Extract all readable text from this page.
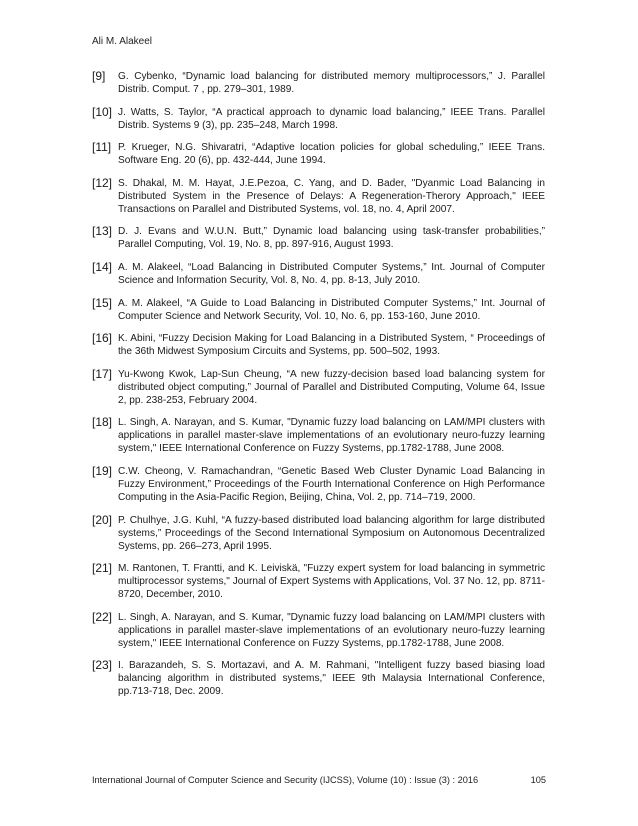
Ali M. Alakeel
[9]	G. Cybenko, “Dynamic load balancing for distributed memory multiprocessors,” J. Parallel Distrib. Comput. 7 , pp. 279–301, 1989.
[10] J. Watts, S. Taylor, “A practical approach to dynamic load balancing,” IEEE Trans. Parallel Distrib. Systems 9 (3), pp. 235–248, March 1998.
[11] P. Krueger, N.G. Shivaratri, “Adaptive location policies for global scheduling,” IEEE Trans. Software Eng. 20 (6), pp. 432-444, June 1994.
[12] S. Dhakal, M. M. Hayat, J.E.Pezoa, C. Yang, and D. Bader, "Dyanmic Load Balancing in Distributed System in the Presence of Delays: A Regeneration-Therory Approach," IEEE Transactions on Parallel and Distributed Systems, vol. 18, no. 4, April 2007.
[13] D. J. Evans and W.U.N. Butt,” Dynamic load balancing using task-transfer probabilities,” Parallel Computing, Vol. 19, No. 8, pp. 897-916, August 1993.
[14] A. M. Alakeel, “Load Balancing in Distributed Computer Systems,” Int. Journal of Computer Science and Information Security, Vol. 8, No. 4, pp. 8-13, July 2010.
[15] A. M. Alakeel, “A Guide to Load Balancing in Distributed Computer Systems,” Int. Journal of Computer Science and Network Security, Vol. 10, No. 6, pp. 153-160, June 2010.
[16] K. Abini, “Fuzzy Decision Making for Load Balancing in a Distributed System, “ Proceedings of the 36th Midwest Symposium Circuits and Systems, pp. 500–502, 1993.
[17] Yu-Kwong Kwok, Lap-Sun Cheung, “A new fuzzy-decision based load balancing system for distributed object computing,” Journal of Parallel and Distributed Computing, Volume 64, Issue 2, pp. 238-253, February 2004.
[18] L. Singh, A. Narayan, and S. Kumar, "Dynamic fuzzy load balancing on LAM/MPI clusters with applications in parallel master-slave implementations of an evolutionary neuro-fuzzy learning system," IEEE International Conference on Fuzzy Systems, pp.1782-1788, June 2008.
[19] C.W. Cheong, V. Ramachandran, “Genetic Based Web Cluster Dynamic Load Balancing in Fuzzy Environment,” Proceedings of the Fourth International Conference on High Performance Computing in the Asia-Pacific Region, Beijing, China, Vol. 2, pp. 714–719, 2000.
[20] P. Chulhye, J.G. Kuhl, “A fuzzy-based distributed load balancing algorithm for large distributed systems,” Proceedings of the Second International Symposium on Autonomous Decentralized Systems, pp. 266–273, April 1995.
[21] M. Rantonen, T. Frantti, and K. Leiviskä, "Fuzzy expert system for load balancing in symmetric multiprocessor systems," Journal of Expert Systems with Applications, Vol. 37 No. 12, pp. 8711-8720, December, 2010.
[22] L. Singh, A. Narayan, and S. Kumar, "Dynamic fuzzy load balancing on LAM/MPI clusters with applications in parallel master-slave implementations of an evolutionary neuro-fuzzy learning system," IEEE International Conference on Fuzzy Systems, pp.1782-1788, June 2008.
[23] I. Barazandeh, S. S. Mortazavi, and A. M. Rahmani, "Intelligent fuzzy based biasing load balancing algorithm in distributed systems," IEEE 9th Malaysia International Conference, pp.713-718, Dec. 2009.
International Journal of Computer Science and Security (IJCSS), Volume (10) : Issue (3) : 2016	105
